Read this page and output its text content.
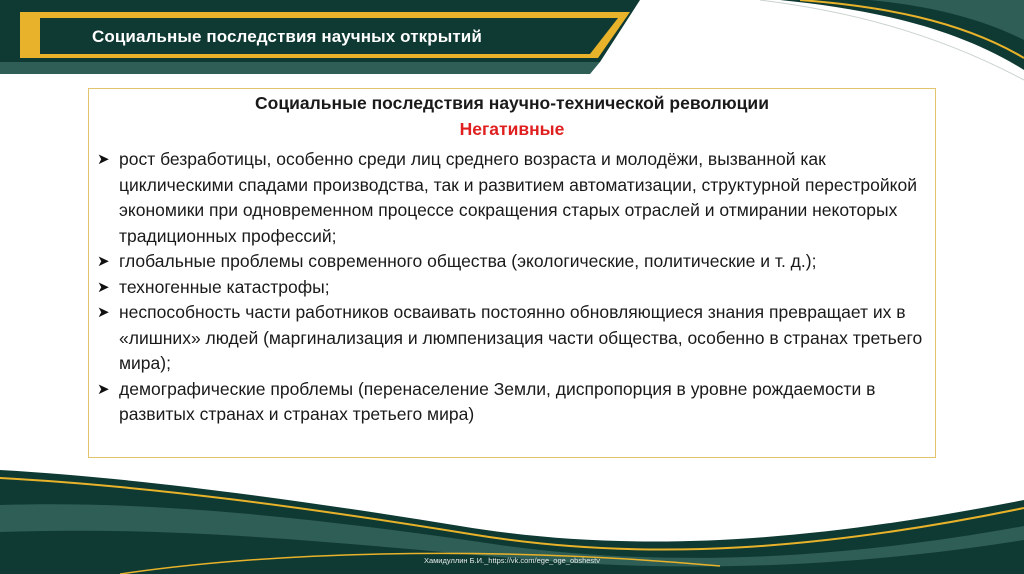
Социальные последствия научных открытий
Социальные последствия научно-технической революции
Негативные
➤ рост безработицы, особенно среди лиц среднего возраста и молодёжи, вызванной как циклическими спадами производства, так и развитием автоматизации, структурной перестройкой экономики при одновременном процессе сокращения старых отраслей и отмирании некоторых традиционных профессий;
➤ глобальные проблемы современного общества (экологические, политические и т. д.);
➤ техногенные катастрофы;
➤ неспособность части работников осваивать постоянно обновляющиеся знания превращает их в «лишних» людей (маргинализация и люмпенизация части общества, особенно в странах третьего мира);
➤ демографические проблемы (перенаселение Земли, диспропорция в уровне рождаемости в развитых странах и странах третьего мира)
Хамидуллин Б.И._https://vk.com/ege_oge_obshestv
